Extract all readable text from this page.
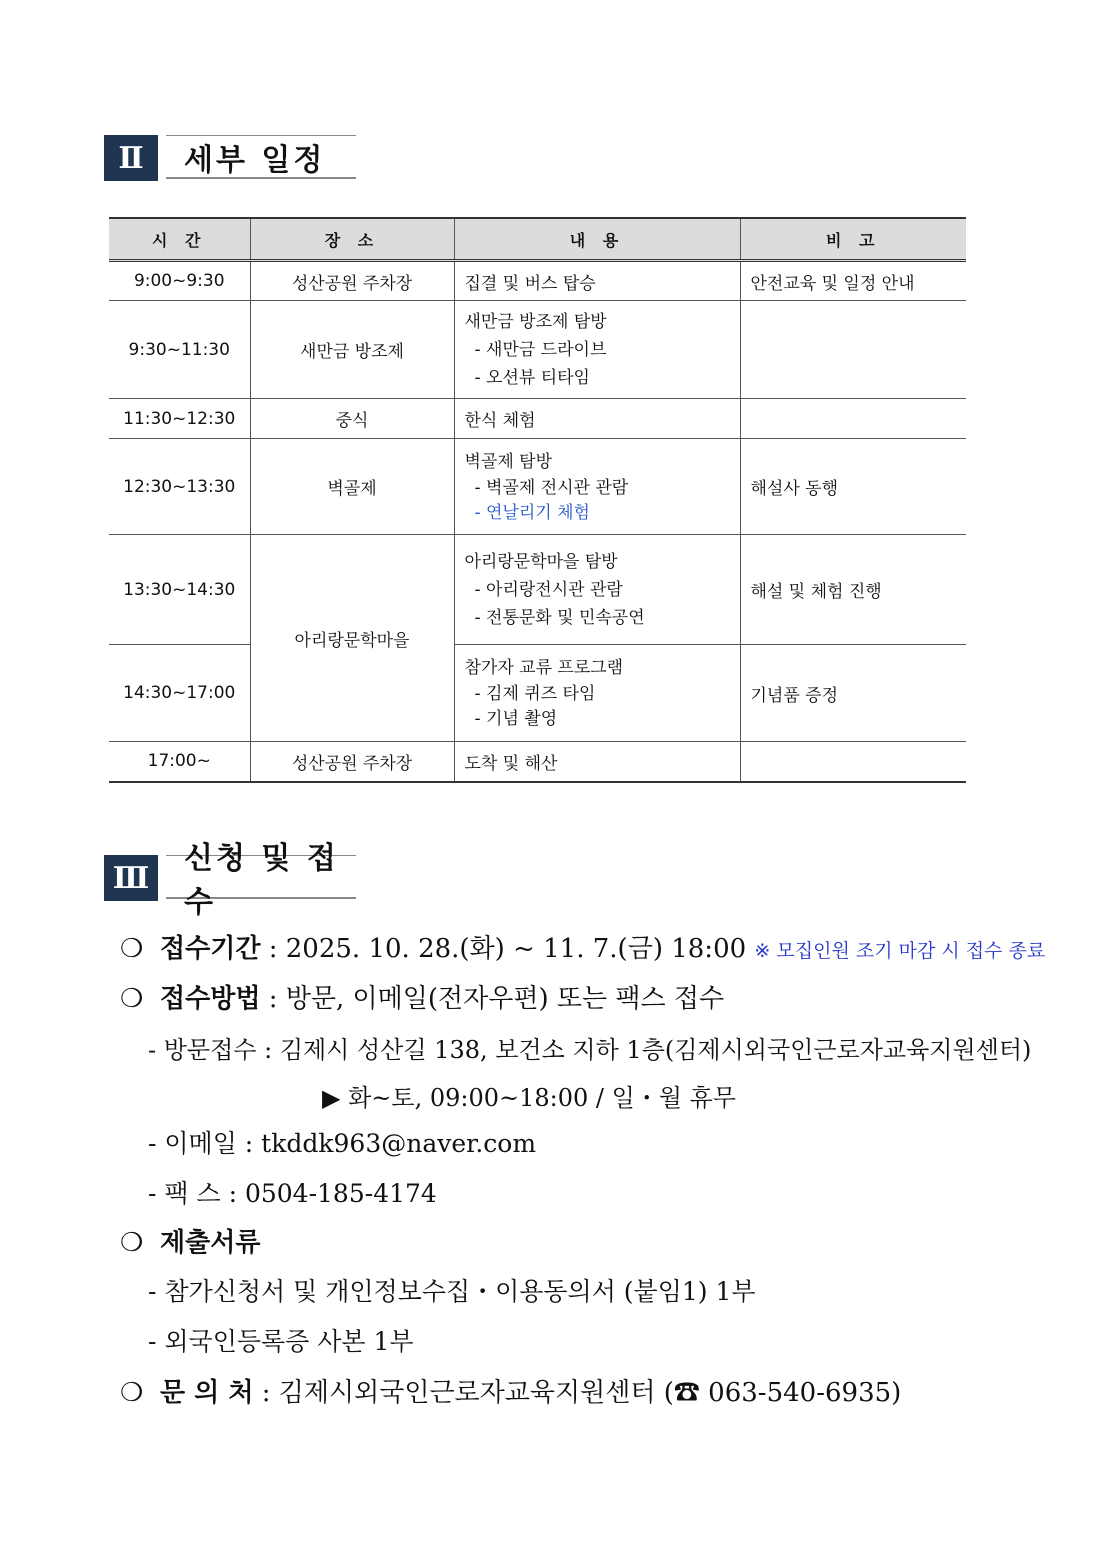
Ⅱ	세부 일정
시 간	장 소	내 용	비 고
9:00~9:30	성산공원 주차장	집결 및 버스 탑승	안전교육 및 일정 안내
9:30~11:30	새만금 방조제	새만금 방조제 탐방
- 새만금 드라이브
- 오션뷰 티타임	

11:30~12:30	중식	한식 체험	
12:30~13:30	벽골제	벽골제 탐방
- 벽골제 전시관 관람
- 연날리기 체험	해설사 동행
13:30~14:30	아리랑문학마을	아리랑문학마을 탐방
- 아리랑전시관 관람
- 전통문화 및 민속공연	해설 및 체험 진행
14:30~17:00		참가자 교류 프로그램
- 김제 퀴즈 타임
- 기념 촬영	기념품 증정
17:00~	성산공원 주차장	도착 및 해산	
Ⅲ
신청 및 접수
❍ 접수기간 : 2025. 10. 28.(화) ~ 11. 7.(금) 18:00 ※ 모집인원 조기 마감 시 접수 종료
❍ 접수방법 : 방문, 이메일(전자우편) 또는 팩스 접수
- 방문접수 : 김제시 성산길 138, 보건소 지하 1층(김제시외국인근로자교육지원센터)
▶ 화~토, 09:00~18:00 / 일・월 휴무
- 이메일 : tkddk963@naver.com
- 팩 스 : 0504-185-4174
❍ 제출서류
- 참가신청서 및 개인정보수집・이용동의서 (붙임1) 1부
- 외국인등록증 사본 1부
❍ 문 의 처 : 김제시외국인근로자교육지원센터 (☎ 063-540-6935)
